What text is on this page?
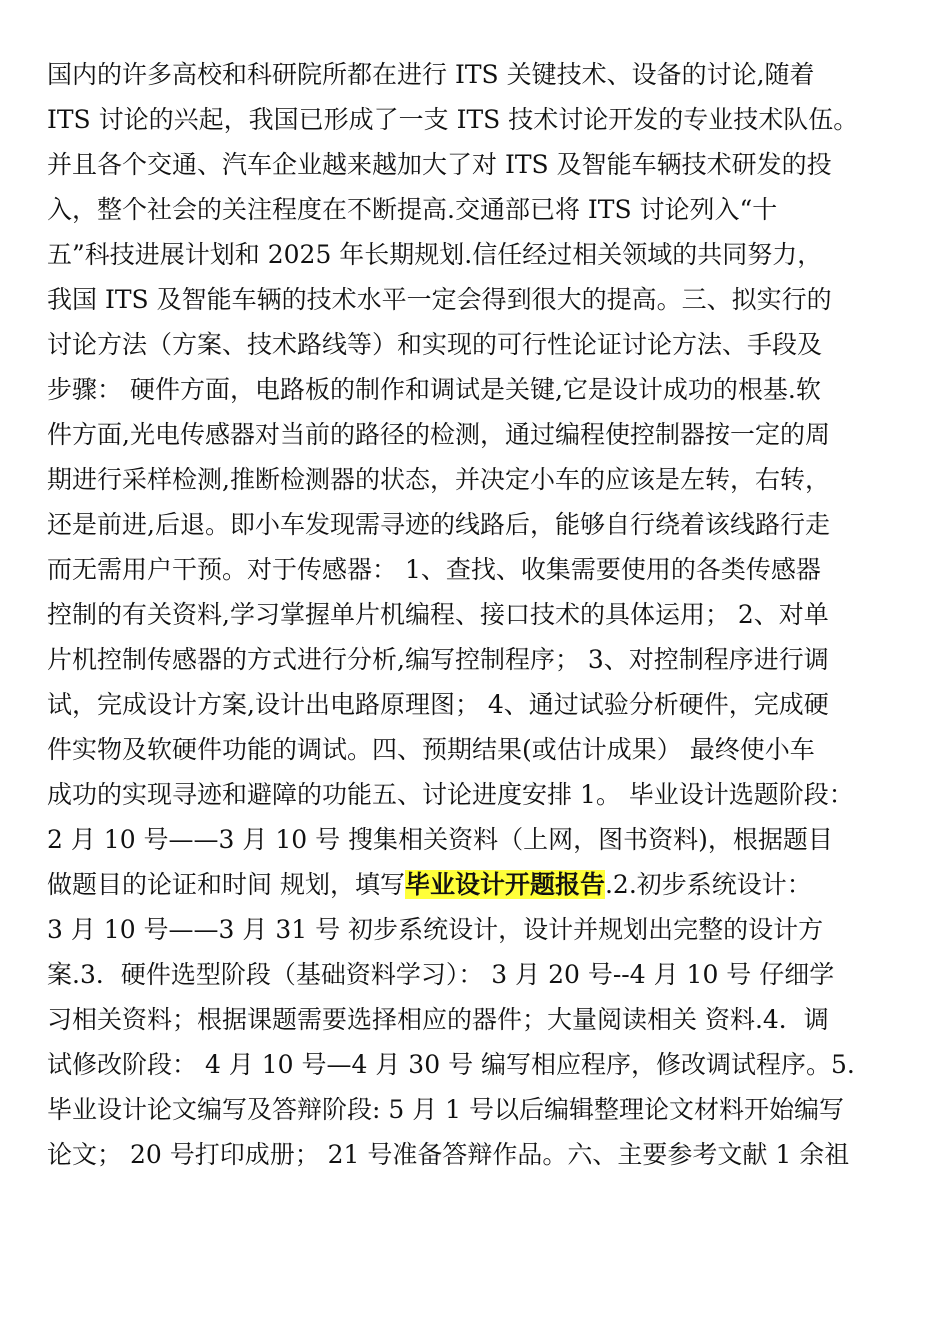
国内的许多高校和科研院所都在进行 ITS 关键技术、设备的讨论,随着
ITS 讨论的兴起，我国已形成了一支 ITS 技术讨论开发的专业技术队伍。
并且各个交通、汽车企业越来越加大了对 ITS 及智能车辆技术研发的投
入，整个社会的关注程度在不断提高.交通部已将 ITS 讨论列入“十
五”科技进展计划和 2025 年长期规划.信任经过相关领域的共同努力，
我国 ITS 及智能车辆的技术水平一定会得到很大的提高。三、拟实行的
讨论方法（方案、技术路线等）和实现的可行性论证讨论方法、手段及
步骤： 硬件方面，电路板的制作和调试是关键,它是设计成功的根基.软
件方面,光电传感器对当前的路径的检测，通过编程使控制器按一定的周
期进行采样检测,推断检测器的状态，并决定小车的应该是左转，右转，
还是前进,后退。即小车发现需寻迹的线路后，能够自行绕着该线路行走
而无需用户干预。对于传感器： 1、查找、收集需要使用的各类传感器
控制的有关资料,学习掌握单片机编程、接口技术的具体运用； 2、对单
片机控制传感器的方式进行分析,编写控制程序； 3、对控制程序进行调
试，完成设计方案,设计出电路原理图； 4、通过试验分析硬件，完成硬
件实物及软硬件功能的调试。四、预期结果(或估计成果） 最终使小车
成功的实现寻迹和避障的功能五、讨论进度安排 1。 毕业设计选题阶段：
2 月 10 号——3 月 10 号 搜集相关资料（上网，图书资料)，根据题目
做题目的论证和时间 规划，填写毕业设计开题报告.2.初步系统设计：
3 月 10 号——3 月 31 号 初步系统设计，设计并规划出完整的设计方
案.3．硬件选型阶段（基础资料学习）： 3 月 20 号--4 月 10 号 仔细学
习相关资料；根据课题需要选择相应的器件；大量阅读相关 资料.4．调
试修改阶段： 4 月 10 号—4 月 30 号 编写相应程序，修改调试程序。5.
毕业设计论文编写及答辩阶段: 5 月 1 号以后编辑整理论文材料开始编写
论文； 20 号打印成册； 21 号准备答辩作品。六、主要参考文献 1 余祖
